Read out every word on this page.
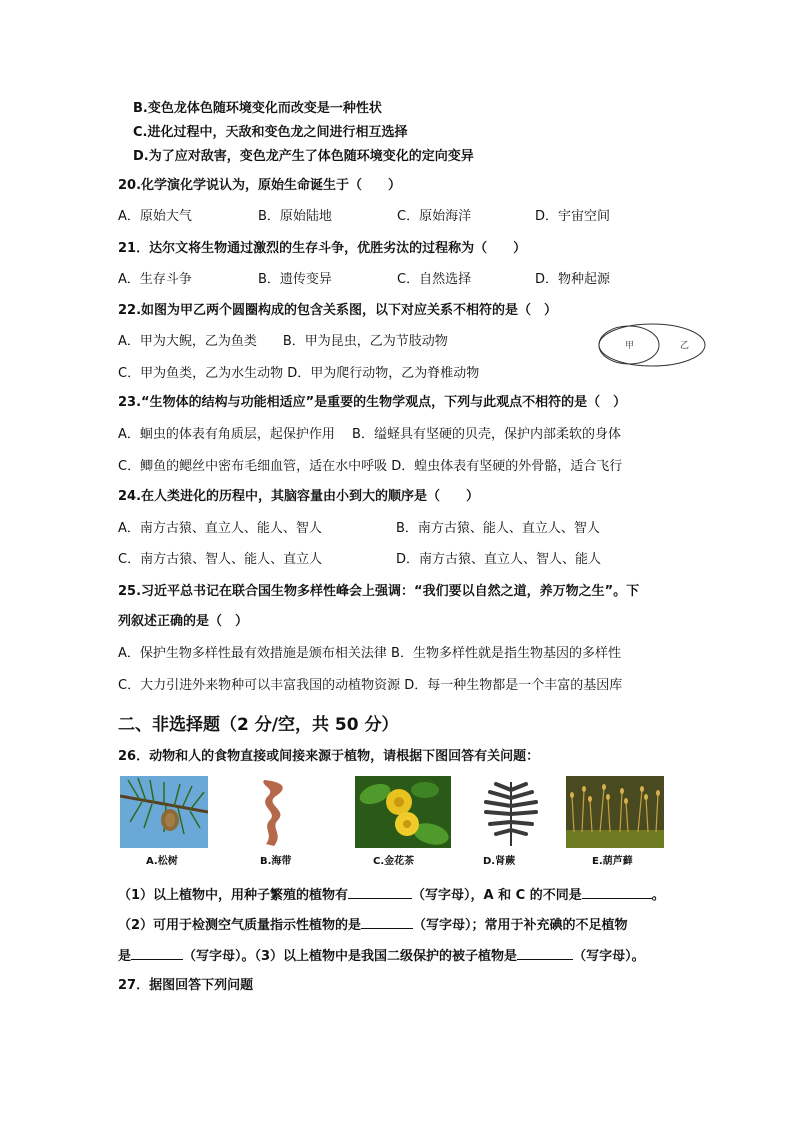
B.变色龙体色随环境变化而改变是一种性状
C.进化过程中，天敌和变色龙之间进行相互选择
D.为了应对敌害，变色龙产生了体色随环境变化的定向变异
20.化学演化学说认为，原始生命诞生于（　　）
A．原始大气	B．原始陆地	C．原始海洋	D．宇宙空间
21．达尔文将生物通过激烈的生存斗争，优胜劣汰的过程称为（　　）
A．生存斗争	B．遗传变异	C．自然选择	D．物种起源
22.如图为甲乙两个圆圈构成的包含关系图，以下对应关系不相符的是（　）
A．甲为大鲵，乙为鱼类　　B．甲为昆虫，乙为节肢动物
C．甲为鱼类，乙为水生动物 D．甲为爬行动物，乙为脊椎动物
甲	乙
23.“生物体的结构与功能相适应”是重要的生物学观点，下列与此观点不相符的是（　）
A．蛔虫的体表有角质层，起保护作用　 B．缢蛏具有坚硬的贝壳，保护内部柔软的身体
C．鲫鱼的鳃丝中密布毛细血管，适在水中呼吸 D．蝗虫体表有坚硬的外骨骼，适合飞行
24.在人类进化的历程中，其脑容量由小到大的顺序是（　　）
A．南方古猿、直立人、能人、智人	B．南方古猿、能人、直立人、智人
C．南方古猿、智人、能人、直立人	D．南方古猿、直立人、智人、能人
25.习近平总书记在联合国生物多样性峰会上强调：“我们要以自然之道，养万物之生”。下
列叙述正确的是（　）
A．保护生物多样性最有效措施是颁布相关法律 B．生物多样性就是指生物基因的多样性
C．大力引进外来物种可以丰富我国的动植物资源 D．每一种生物都是一个丰富的基因库
二、非选择题（2 分/空，共 50 分）
26．动物和人的食物直接或间接来源于植物，请根据下图回答有关问题：
A.松树	B.海带	C.金花茶	D.肾蕨	E.葫芦藓
（1）以上植物中，用种子繁殖的植物有	（写字母），A 和 C 的不同是	。
（2）可用于检测空气质量指示性植物的是	（写字母）；常用于补充碘的不足植物
是	（写字母）。（3）以上植物中是我国二级保护的被子植物是	（写字母）。
27．据图回答下列问题
